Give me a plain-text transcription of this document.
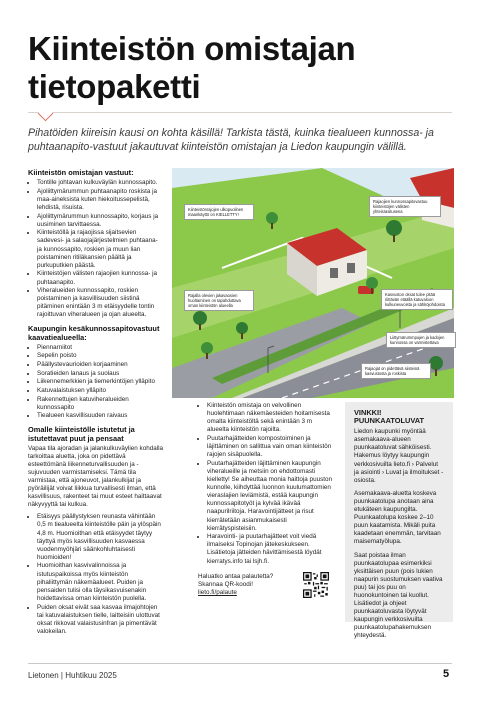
Kiinteistön omistajan tietopaketti
Pihatöiden kiireisin kausi on kohta käsillä! Tarkista tästä, kuinka tiealueen kunnossa- ja puhtaanapito-vastuut jakautuvat kiinteistön omistajan ja Liedon kaupungin välillä.
Kiinteistön omistajan vastuut:
• Tontille johtavan kulkuväylän kunnossapito.
• Ajoliittymärummun puhtaanapito roskista ja maa-aineksista kuten hiekoitussepelistä, lehdistä, risuista.
• Ajoliittymärummun kunnossapito, korjaus ja uusiminen tarvittaessa.
• Kiinteistöllä ja rajaojissa sijaitsevien sadevesi- ja salaojajärjestelmien puhtaana- ja kunnossapito, roskien ja muun lian poistaminen ritiläkansien päältä ja purkuputkien päästä.
• Kiinteistöjen välisten rajaojien kunnossa- ja puhtaanapito.
• Viheralueiden kunnossapito, roskien poistaminen ja kasvillisuuden siistinä pitäminen enintään 3 m etäisyydelle tontin rajoittuvan viheralueen ja ojan alueelta.
Kaupungin kesäkunnossapitovastuut kaavatiealueella:
• Piennarniitot
• Sepelin poisto
• Päällystevaurioiden korjaaminen
• Soratieiden lanaus ja suolaus
• Liikennemerkkien ja tiemerkintöjen ylläpito
• Katuvalaistuksen ylläpito
• Rakennettujen katuviheralueiden kunnossapito
• Tiealueen kasvillisuuden raivaus
Omalle kiinteistölle istutetut ja istutettavat puut ja pensaat

Vapaa tila ajoradan ja jalankulkuväylien kohdalla tarkoittaa aluetta, joka on pidettävä esteettömänä liikenneturvallisuuden ja -sujuvuuden varmistamiseksi. Tämä tila varmistaa, että ajoneuvot, jalankulkijat ja pyöräilijät voivat liikkua turvallisesti ilman, että kasvillisuus, rakenteet tai muut esteet haittaavat näkyvyyttä tai kulkua.

• Etäisyys päällystyksen reunasta vähintään 0,5 m tiealueelta kiinteistölle päin ja ylöspäin 4,8 m. Huomioithan että etäisyydet täytyy täyttyä myös kasvillisuuden kasvaessa vuodenmyöhjäri säänkohluhtaisesti huomioiden!
• Huomioithan kasvivalinnoissa ja istutuspaikoissa myös kiinteistön pihaliittymän näkemäalueet. Puiden ja pensaiden tulisi olla täysikasvuisenakin hoidettavissa oman kiinteistön puolella.
• Puiden oksat eivät saa kasvaa ilmajohtojen tai katuvalaistuksen tielle, laitteisiin ulottuvat oksat rikkovat valaistusinfran ja pimentävät valokeilan.
Kiinteistönrajojen ulkopuolinen maankäyttö on KIELLETTY!
Rajaojien kunnossapitovastuu kiinteistöjen välisten yhteisrasitusena
Rajalla olevien jakavaosien huoltaminen on tapahduttava oman kiinteistön alueella
Kasvuston oksat tulee pitää riittävän etäällä katuvaloon kulkuneuvoista ja sähköjohdoista
Liittymärummpujen ja kadojen kunnossa on varmistettava
Rajaojat on pidettävä siisteinä kasvustosta ja roskista
• Kiinteistön omistaja on velvollinen huolehtimaan näkemäesteiden hoitamisesta omalta kiinteistöltä sekä enintään 3 m alueelta kiinteistön rajoilta.
• Puutarhajätteiden kompostoiminen ja läjittäminen on sallittua vain oman kiinteistön rajojen sisäpuolella.
• Puutarhajätteiden läjittäminen kaupungin viheralueille ja metsiin on ehdottomasti kielletty! Se aiheuttaa monia haittoja puuston kunnolle, kiihdyttää luonnon kuulumattomien vieraslajien leviämistä, estää kaupungin kunnossapitotyöt ja kylvää ikävää naapurilriitoja. Haravointijätteet ja risut kierrätetään asianmukaisesti kierrätyspisteisiin.
• Haravointi- ja puutarhajätteet voit viedä ilmaiseksi Topinojan jätekeskukseen. Lisätietoja jätteiden hävittämisestä löydät kierratys.info tai lsjh.fi.

Haluatko antaa palautetta? Skannaa QR-koodi!

lieto.fi/palaute

VINKKI! PUUNKAATOLUVAT

Liedon kaupunki myöntää asemakaava-alueen puunkaatoluvat sähköisesti. Hakemus löytyy kaupungin verkkosivuilta lieto.fi › Palvelut ja asiointi › Luvat ja ilmoitukset -osiosta.

Asemakaava-aluetta koskeva puunkaatolupa anotaan aina etukäteen kaupungilta. Puunkaatolupa koskee 2–10 puun kaatamista. Mikäli puita kaadetaan enemmän, tarvitaan maisematyölupa.

Saat poistaa ilman puunkaatolupaa esimerkiksi yksittäisen puun (pois lukien naapurin suostumuksen vaativa puu) tai jos puu on huonokuntoinen tai kuollut. Lisätiedot ja ohjeet puunkaatoluvasta löytyvät kaupungin verkkosivuilta puunkaatolupahakemuksen yhteydestä.

Lietonen | Huhtikuu 2025	5
